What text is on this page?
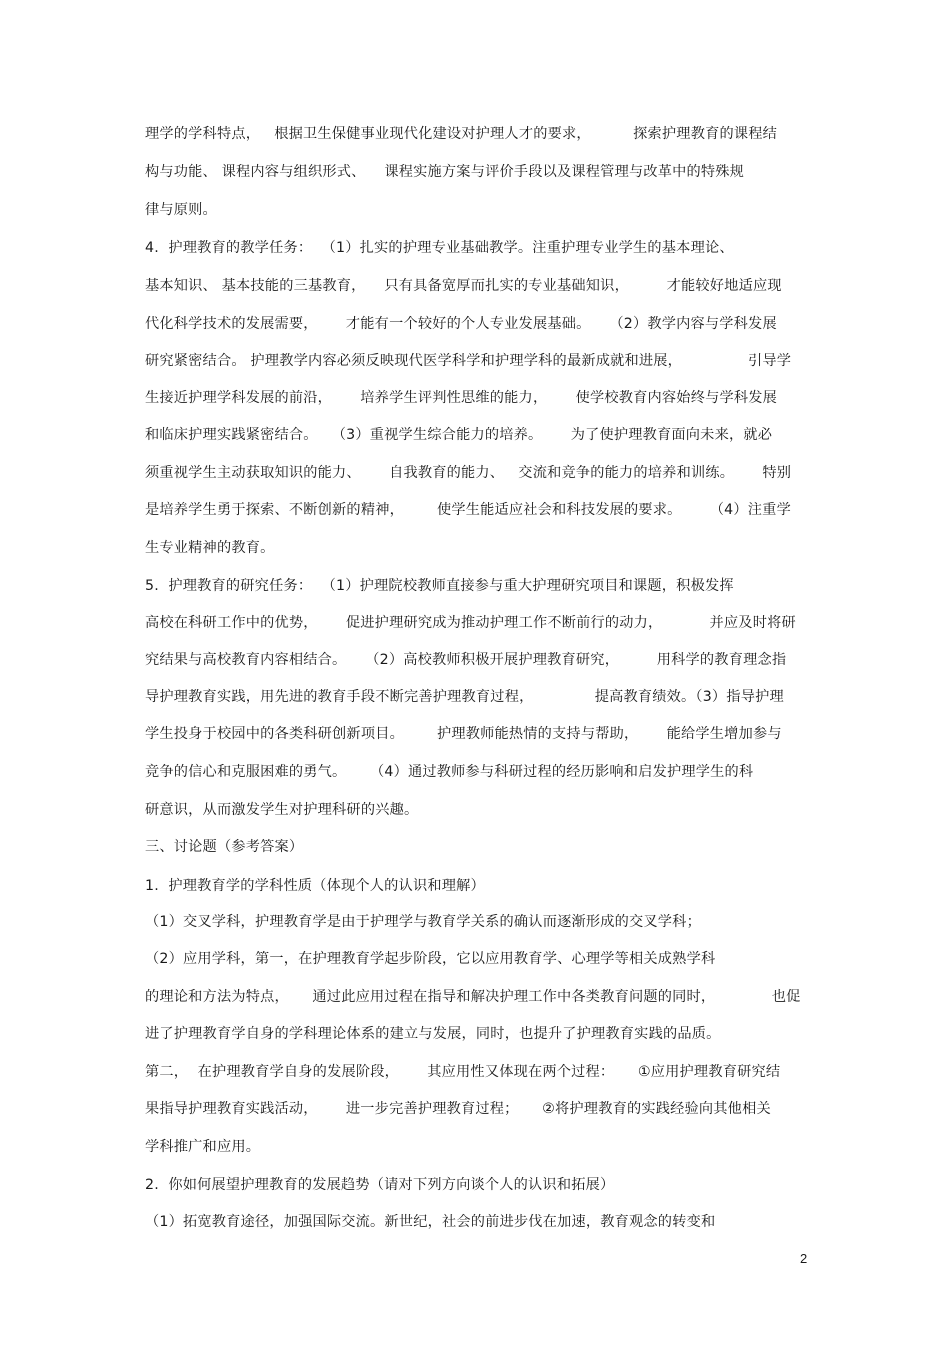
理学的学科特点，   根据卫生保健事业现代化建设对护理人才的要求，         探索护理教育的课程结
构与功能、 课程内容与组织形式、    课程实施方案与评价手段以及课程管理与改革中的特殊规
律与原则。
4.  护理教育的教学任务：  （1）扎实的护理专业基础教学。注重护理专业学生的基本理论、
基本知识、 基本技能的三基教育，    只有具备宽厚而扎实的专业基础知识，        才能较好地适应现
代化科学技术的发展需要，      才能有一个较好的个人专业发展基础。    （2）教学内容与学科发展
研究紧密结合。 护理教学内容必须反映现代医学科学和护理学科的最新成就和进展，              引导学
生接近护理学科发展的前沿，      培养学生评判性思维的能力，      使学校教育内容始终与学科发展
和临床护理实践紧密结合。   （3）重视学生综合能力的培养。      为了使护理教育面向未来，就必
须重视学生主动获取知识的能力、      自我教育的能力、   交流和竞争的能力的培养和训练。      特别
是培养学生勇于探索、不断创新的精神，       使学生能适应社会和科技发展的要求。      （4）注重学
生专业精神的教育。
5.  护理教育的研究任务：  （1）护理院校教师直接参与重大护理研究项目和课题，积极发挥
高校在科研工作中的优势，      促进护理研究成为推动护理工作不断前行的动力，          并应及时将研
究结果与高校教育内容相结合。    （2）高校教师积极开展护理教育研究，        用科学的教育理念指
导护理教育实践，用先进的教育手段不断完善护理教育过程，             提高教育绩效。（3）指导护理
学生投身于校园中的各类科研创新项目。       护理教师能热情的支持与帮助，      能给学生增加参与
竞争的信心和克服困难的勇气。     （4）通过教师参与科研过程的经历影响和启发护理学生的科
研意识，从而激发学生对护理科研的兴趣。
三、讨论题（参考答案）
1.  护理教育学的学科性质（体现个人的认识和理解）
（1）交叉学科，护理教育学是由于护理学与教育学关系的确认而逐渐形成的交叉学科；
（2）应用学科，第一，在护理教育学起步阶段，它以应用教育学、心理学等相关成熟学科
的理论和方法为特点，     通过此应用过程在指导和解决护理工作中各类教育问题的同时，            也促
进了护理教育学自身的学科理论体系的建立与发展，同时，也提升了护理教育实践的品质。
第二，  在护理教育学自身的发展阶段，      其应用性又体现在两个过程：     ①应用护理教育研究结
果指导护理教育实践活动，      进一步完善护理教育过程；     ②将护理教育的实践经验向其他相关
学科推广和应用。
2.  你如何展望护理教育的发展趋势（请对下列方向谈个人的认识和拓展）
（1）拓宽教育途径，加强国际交流。新世纪，社会的前进步伐在加速，教育观念的转变和
2
